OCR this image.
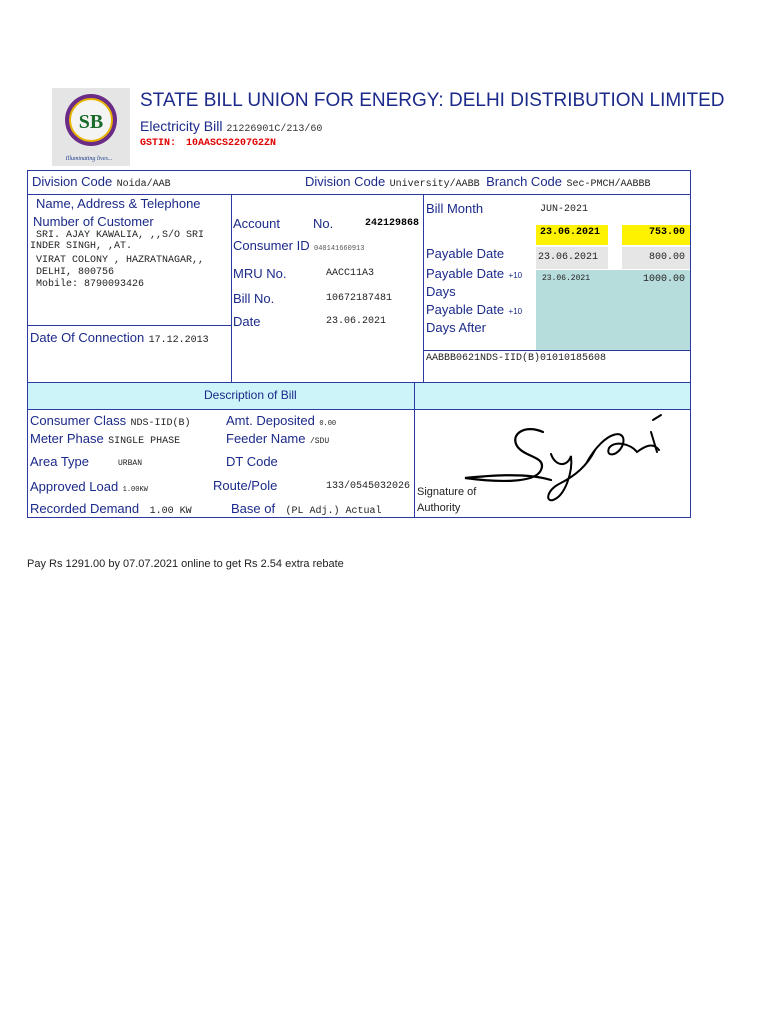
SB
Illuminating lives...
STATE BILL UNION FOR ENERGY: DELHI DISTRIBUTION LIMITED
Electricity Bill 21226901C/213/60
GSTIN: 10AASCS2207G2ZN
Division Code Noida/AAB	Division Code University/AABB Branch Code Sec-PMCH/AABBB
Name, Address & Telephone
Number of Customer
SRI. AJAY KAWALIA, ,,S/O SRI
INDER SINGH, ,AT.
VIRAT COLONY , HAZRATNAGAR,,
DELHI, 800756
Mobile: 8790093426
Date Of Connection 17.12.2013
Account	No.	242129868
Consumer ID 040141660913
MRU No.	AACC11A3
Bill No.	10672187481
Date	23.06.2021
Bill Month	JUN-2021
23.06.2021	753.00
Payable Date	23.06.2021	800.00
Payable Date +10 23.06.2021	1000.00
Days
Payable Date +10
Days After
AABBB0621NDS-IID(B)01010185608
Description of Bill
Consumer Class NDS-IID(B)
Meter Phase SINGLE PHASE
Area Type	URBAN
Approved Load 1.00KW
Recorded Demand 1.00 KW
Amt. Deposited 0.00
Feeder Name /SDU
DT Code
Route/Pole	133/0545032026
Base of (PL Adj.) Actual
Signature of
Authority
Pay Rs 1291.00 by 07.07.2021 online to get Rs 2.54 extra rebate
